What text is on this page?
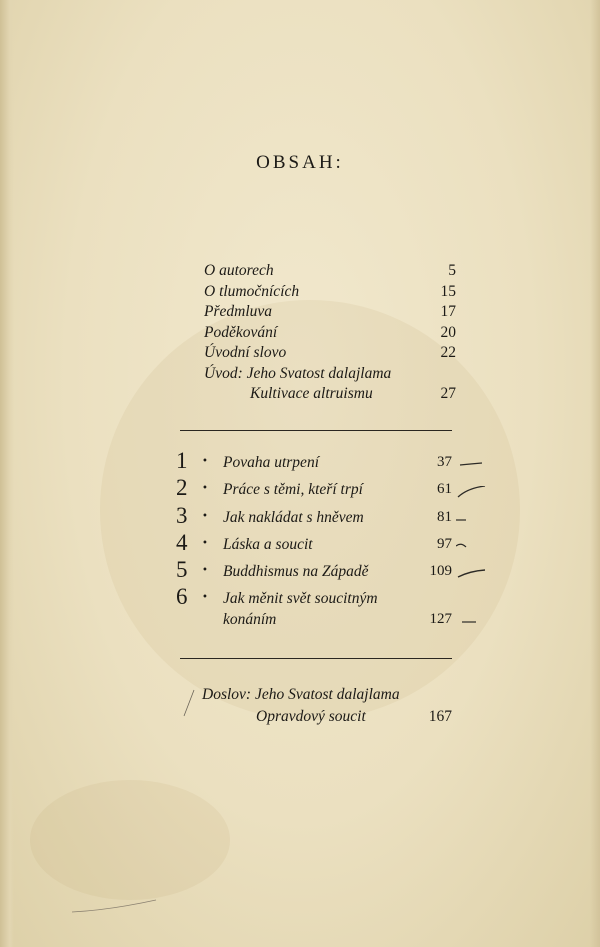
OBSAH:
O autorech	5
O tlumočnících	15
Předmluva	17
Poděkování	20
Úvodní slovo	22
Úvod: Jeho Svatost dalajlama
Kultivace altruismu	27
1 • Povaha utrpení	37
2 • Práce s těmi, kteří trpí	61
3 • Jak nakládat s hněvem	81
4 • Láska a soucit	97
5 • Buddhismus na Západě	109
6 • Jak měnit svět soucitným
konáním	127
Doslov: Jeho Svatost dalajlama
Opravdový soucit	167
